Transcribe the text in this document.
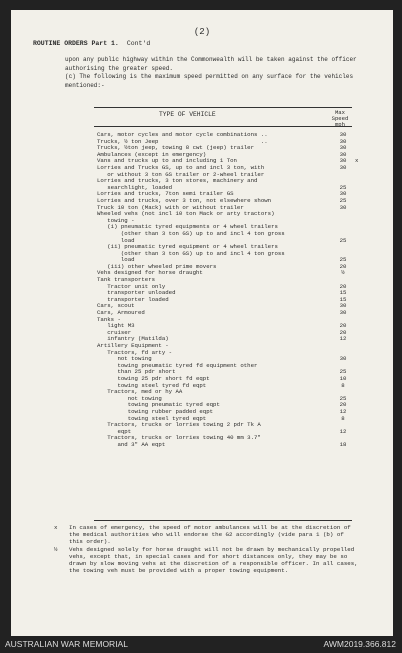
(2)
ROUTINE ORDERS Part 1. Cont'd

upon any public highway within the Commonwealth will be taken against the officer authorising the greater speed.

(c) The following is the maximum speed permitted on any surface for the vehicles mentioned:-

TYPE OF VEHICLE	Max Speed
mph
Cars, motor cycles and motor cycle combinations ..	30
Trucks, ½ ton Jeep                              ..	30
Trucks, ½ton jeep, towing 8 cwt (jeep) trailer	30
Ambulances (except in emergency)	30
Vans and trucks up to and including 1 Ton	30	x
Lorries and Trucks GS, up to and incl 3 ton, with	30
or without 3 ton GS trailer or 2-wheel trailer
Lorries and trucks, 3 ton stores, machinery and
searchlight, loaded	25
Lorries and trucks, 7ton semi trailer GS	30
Lorries and trucks, over 3 ton, not elsewhere shown	25
Truck 10 ton (Mack) with or without trailer	30
Wheeled vehs (not incl 10 ton Mack or arty tractors)
towing -
(i) pneumatic tyred equipments or 4 wheel trailers
(other than 3 ton GS) up to and incl 4 ton gross
load	25
(ii) pneumatic tyred equipment or 4 wheel trailers
(other than 3 ton GS) up to and incl 4 ton gross
load	25
(iii) other wheeled prime movers	20
Vehs designed for horse draught	½
Tank transporters
Tractor unit only	20
transporter unloaded	15
transporter loaded	15
Cars, scout	30
Cars, Armoured	30
Tanks -
light M3	20
cruiser	20
infantry (Matilda)	12
Artillery Equipment -
Tractors, fd arty -
not towing	30
towing pneumatic tyred fd equipment other
than 25 pdr short	25
towing 25 pdr short fd eqpt	10
towing steel tyred fd eqpt	8
Tractors, med or hy AA
not towing	25
towing pneumatic tyred eqpt	20
towing rubber padded eqpt	12
towing steel tyred eqpt	8
Tractors, trucks or lorries towing 2 pdr Tk A
eqpt	12
Tractors, trucks or lorries towing 40 mm 3.7"
and 3" AA eqpt	18
x In cases of emergency, the speed of motor ambulances will be at the discretion of the medical authorities who will endorse the G2 accordingly (vide para 1 (b) of this order).
½ Vehs designed solely for horse draught will not be drawn by mechanically propelled vehs, except that, in special cases and for short distances only, they may be so drawn by slow moving vehs at the discretion of a responsible officer. In all cases, the towing veh must be provided with a proper towing equipment.
AUSTRALIAN WAR MEMORIAL	AWM2019.366.812
